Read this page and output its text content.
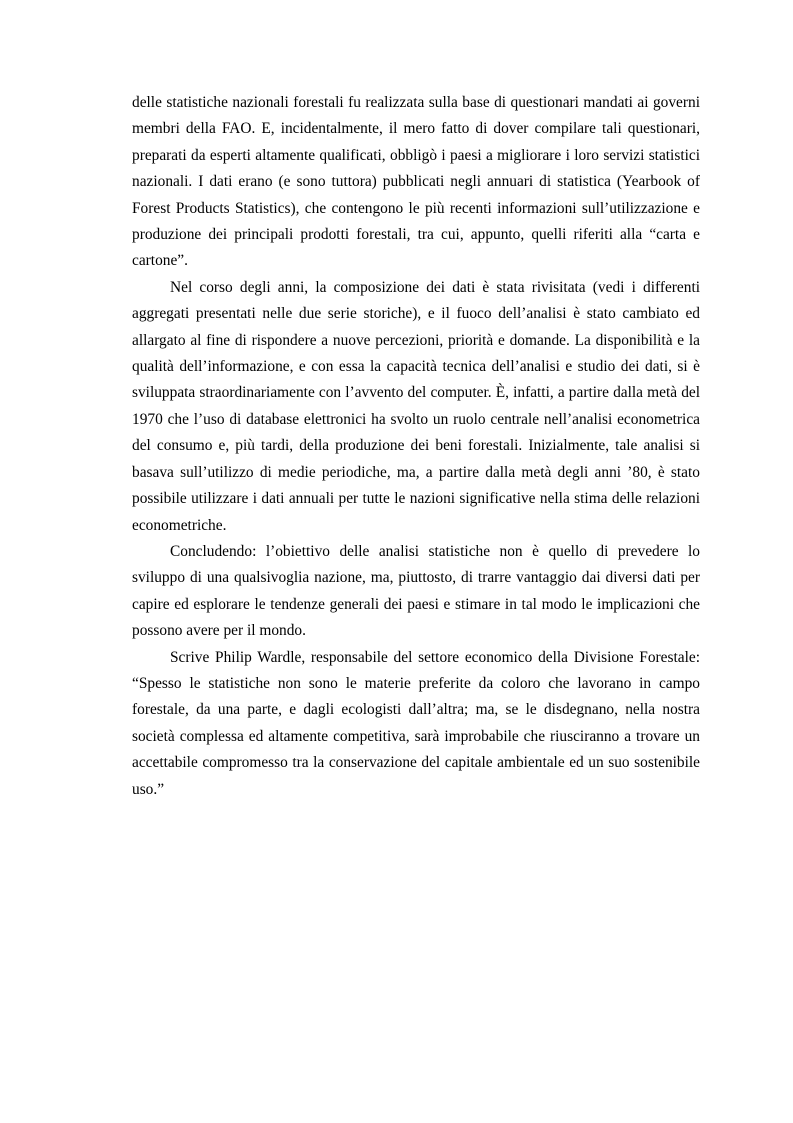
delle statistiche nazionali forestali fu realizzata sulla base di questionari mandati ai governi membri della FAO. E, incidentalmente, il mero fatto di dover compilare tali questionari, preparati da esperti altamente qualificati, obbligò i paesi a migliorare i loro servizi statistici nazionali. I dati erano (e sono tuttora) pubblicati negli annuari di statistica (Yearbook of Forest Products Statistics), che contengono le più recenti informazioni sull’utilizzazione e produzione dei principali prodotti forestali, tra cui, appunto, quelli riferiti alla “carta e cartone”.

Nel corso degli anni, la composizione dei dati è stata rivisitata (vedi i differenti aggregati presentati nelle due serie storiche), e il fuoco dell’analisi è stato cambiato ed allargato al fine di rispondere a nuove percezioni, priorità e domande. La disponibilità e la qualità dell’informazione, e con essa la capacità tecnica dell’analisi e studio dei dati, si è sviluppata straordinariamente con l’avvento del computer. È, infatti, a partire dalla metà del 1970 che l’uso di database elettronici ha svolto un ruolo centrale nell’analisi econometrica del consumo e, più tardi, della produzione dei beni forestali. Inizialmente, tale analisi si basava sull’utilizzo di medie periodiche, ma, a partire dalla metà degli anni ’80, è stato possibile utilizzare i dati annuali per tutte le nazioni significative nella stima delle relazioni econometriche.

Concludendo: l’obiettivo delle analisi statistiche non è quello di prevedere lo sviluppo di una qualsivoglia nazione, ma, piuttosto, di trarre vantaggio dai diversi dati per capire ed esplorare le tendenze generali dei paesi e stimare in tal modo le implicazioni che possono avere per il mondo.

Scrive Philip Wardle, responsabile del settore economico della Divisione Forestale: “Spesso le statistiche non sono le materie preferite da coloro che lavorano in campo forestale, da una parte, e dagli ecologisti dall’altra; ma, se le disdegnano, nella nostra società complessa ed altamente competitiva, sarà improbabile che riusciranno a trovare un accettabile compromesso tra la conservazione del capitale ambientale ed un suo sostenibile uso.”
